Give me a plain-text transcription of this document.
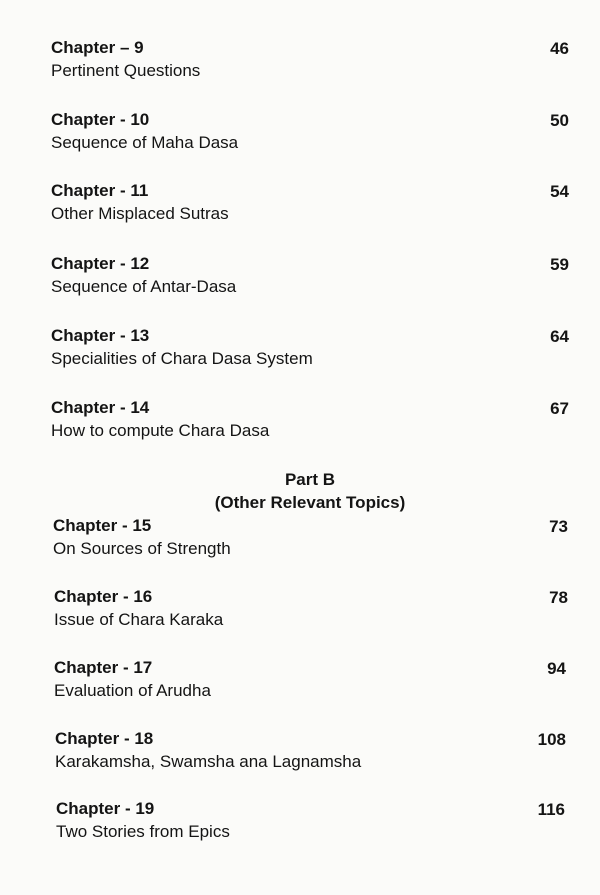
Chapter – 9
Pertinent Questions
46
Chapter - 10
Sequence of Maha Dasa
50
Chapter - 11
Other Misplaced Sutras
54
Chapter - 12
Sequence of Antar-Dasa
59
Chapter - 13
Specialities of Chara Dasa System
64
Chapter - 14
How to compute Chara Dasa
67
Part B
(Other Relevant Topics)
Chapter - 15
On Sources of Strength
73
Chapter - 16
Issue of Chara Karaka
78
Chapter - 17
Evaluation of Arudha
94
Chapter - 18
Karakamsha, Swamsha ana Lagnamsha
108
Chapter - 19
Two Stories from Epics
116
